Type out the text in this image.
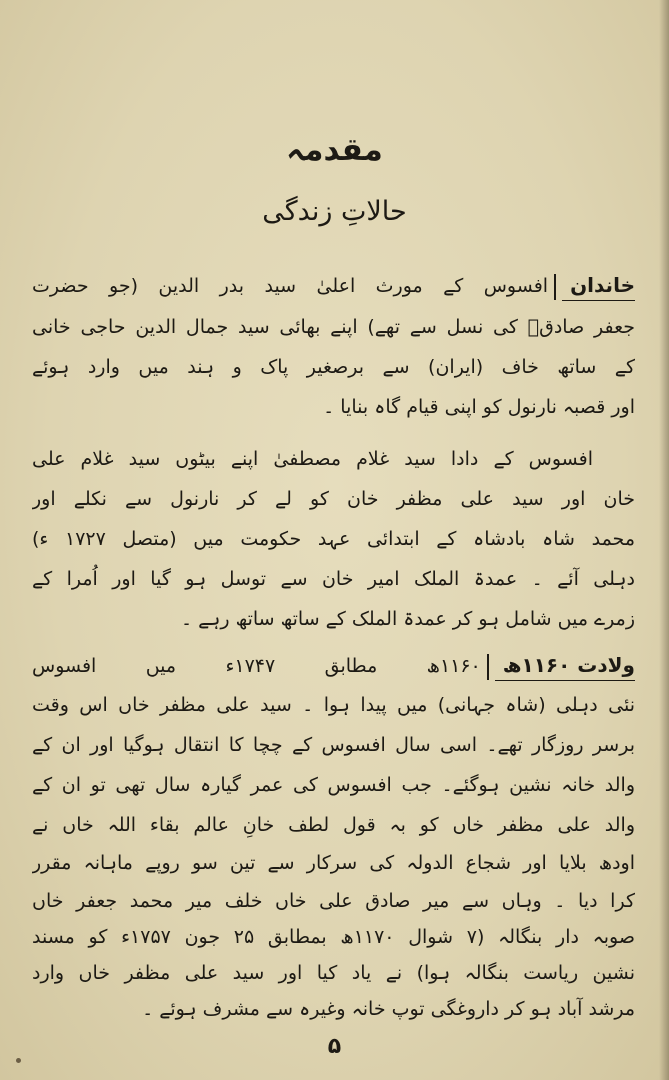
مقدمہ
حالاتِ زندگی
خاندانافسوس کے مورث اعلیٰ سید بدر الدین (جو حضرت
جعفر صادقؓ کی نسل سے تھے) اپنے بھائی سید جمال الدین حاجی خانی
کے ساتھ خاف (ایران) سے برصغیر پاک و ہند میں وارد ہوئے
اور قصبہ نارنول کو اپنی قیام گاہ بنایا ۔
افسوس کے دادا سید غلام مصطفیٰ اپنے بیٹوں سید غلام علی
خان اور سید علی مظفر خان کو لے کر نارنول سے نکلے اور
محمد شاہ بادشاہ کے ابتدائی عہد حکومت میں (متصل ۱۷۲۷ ء)
دہلی آئے ۔ عمدۃ الملک امیر خان سے توسل ہو گیا اور اُمرا کے
زمرے میں شامل ہو کر عمدۃ الملک کے ساتھ ساتھ رہے ۔
ولادت ۱۱۶۰ھ۱۱۶۰ھ مطابق ۱۷۴۷ء میں افسوس
نئی دہلی (شاہ جہانی) میں پیدا ہوا ۔ سید علی مظفر خاں اس وقت
برسر روزگار تھے۔ اسی سال افسوس کے چچا کا انتقال ہوگیا اور ان کے
والد خانہ نشین ہوگئے۔ جب افسوس کی عمر گیارہ سال تھی تو ان کے
والد علی مظفر خاں کو بہ قول لطف خانِ عالم بقاء اللہ خاں نے
اودھ بلایا اور شجاع الدولہ کی سرکار سے تین سو روپے ماہانہ مقرر
کرا دیا ۔ وہاں سے میر صادق علی خاں خلف میر محمد جعفر خاں
صوبہ دار بنگالہ (۷ شوال ۱۱۷۰ھ بمطابق ۲۵ جون ۱۷۵۷ء کو مسند
نشین ریاست بنگالہ ہوا) نے یاد کیا اور سید علی مظفر خاں وارد
مرشد آباد ہو کر داروغگی توپ خانہ وغیرہ سے مشرف ہوئے ۔
۵
